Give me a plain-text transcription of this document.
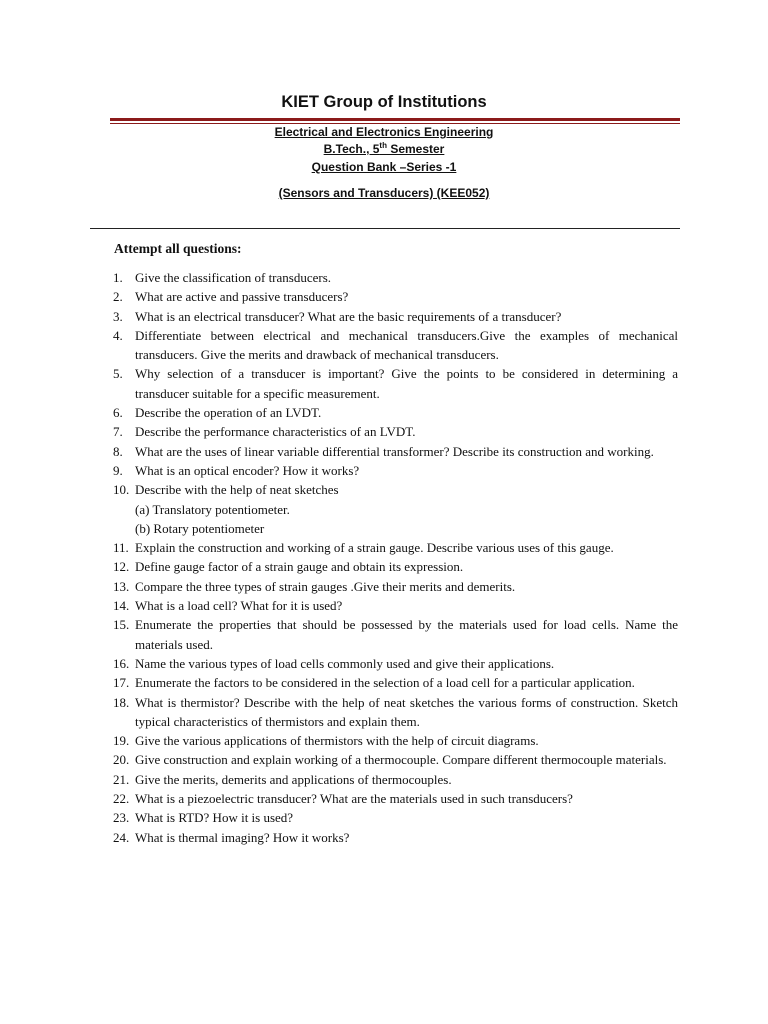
KIET Group of Institutions
Electrical and Electronics Engineering
B.Tech., 5th Semester
Question Bank –Series -1
(Sensors and Transducers) (KEE052)
Attempt all questions:
1. Give the classification of transducers.
2. What are active and passive transducers?
3. What is an electrical transducer? What are the basic requirements of a transducer?
4. Differentiate between electrical and mechanical transducers.Give the examples of mechanical transducers. Give the merits and drawback of mechanical transducers.
5. Why selection of a transducer is important? Give the points to be considered in determining a transducer suitable for a specific measurement.
6. Describe the operation of an LVDT.
7. Describe the performance characteristics of an LVDT.
8. What are the uses of linear variable differential transformer? Describe its construction and working.
9. What is an optical encoder? How it works?
10. Describe with the help of neat sketches
(a) Translatory potentiometer.
(b) Rotary potentiometer
11. Explain the construction and working of a strain gauge. Describe various uses of this gauge.
12. Define gauge factor of a strain gauge and obtain its expression.
13. Compare the three types of strain gauges .Give their merits and demerits.
14. What is a load cell? What for it is used?
15. Enumerate the properties that should be possessed by the materials used for load cells. Name the materials used.
16. Name the various types of load cells commonly used and give their applications.
17. Enumerate the factors to be considered in the selection of a load cell for a particular application.
18. What is thermistor? Describe with the help of neat sketches the various forms of construction. Sketch typical characteristics of thermistors and explain them.
19. Give the various applications of thermistors with the help of circuit diagrams.
20. Give construction and explain working of a thermocouple. Compare different thermocouple materials.
21. Give the merits, demerits and applications of thermocouples.
22. What is a piezoelectric transducer? What are the materials used in such transducers?
23. What is RTD? How it is used?
24. What is thermal imaging? How it works?
